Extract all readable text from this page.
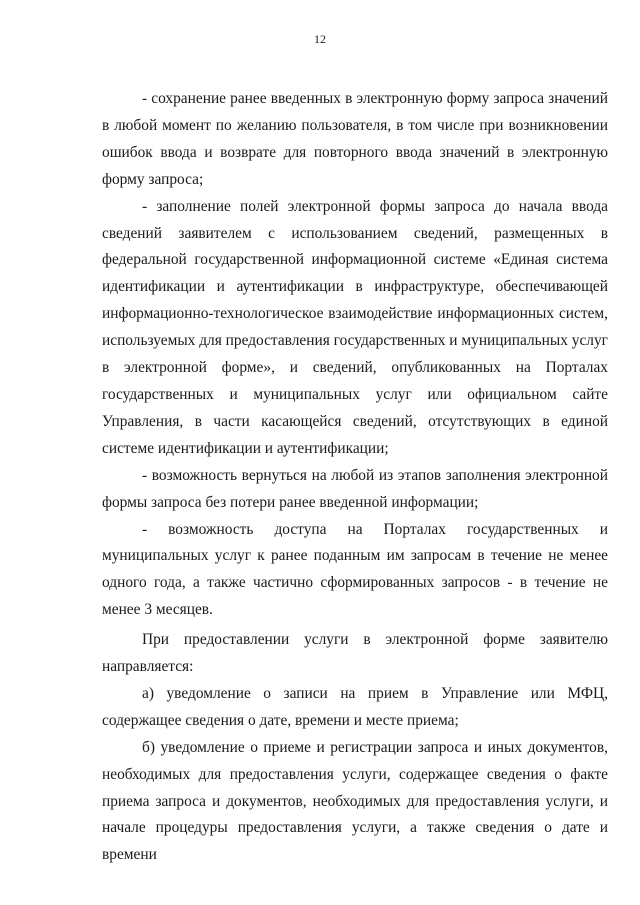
12

- сохранение ранее введенных в электронную форму запроса значений в любой момент по желанию пользователя, в том числе при возникновении ошибок ввода и возврате для повторного ввода значений в электронную форму запроса;

- заполнение полей электронной формы запроса до начала ввода сведений заявителем с использованием сведений, размещенных в федеральной государственной информационной системе «Единая система идентификации и аутентификации в инфраструктуре, обеспечивающей информационно-технологическое взаимодействие информационных систем, используемых для предоставления государственных и муниципальных услуг в электронной форме», и сведений, опубликованных на Порталах государственных и муниципальных услуг или официальном сайте Управления, в части касающейся сведений, отсутствующих в единой системе идентификации и аутентификации;

- возможность вернуться на любой из этапов заполнения электронной формы запроса без потери ранее введенной информации;

- возможность доступа на Порталах государственных и муниципальных услуг к ранее поданным им запросам в течение не менее одного года, а также частично сформированных запросов - в течение не менее 3 месяцев.

При предоставлении услуги в электронной форме заявителю направляется:

а) уведомление о записи на прием в Управление или МФЦ, содержащее сведения о дате, времени и месте приема;

б) уведомление о приеме и регистрации запроса и иных документов, необходимых для предоставления услуги, содержащее сведения о факте приема запроса и документов, необходимых для предоставления услуги, и начале процедуры предоставления услуги, а также сведения о дате и времени
